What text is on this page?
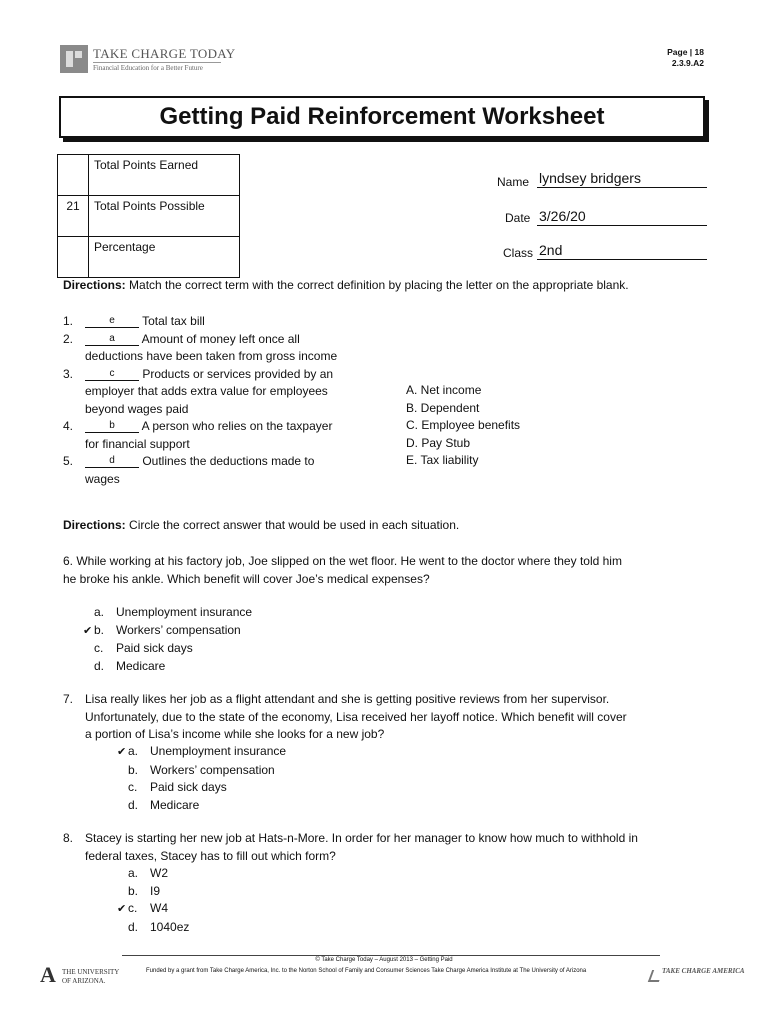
TAKE CHARGE TODAY
Financial Education for a Better Future
Page | 18
2.3.9.A2
Getting Paid Reinforcement Worksheet
	Total Points Earned
21	Total Points Possible
	Percentage
Name lyndsey bridgers
Date 3/26/20
Class 2nd
Directions: Match the correct term with the correct definition by placing the letter on the appropriate blank.
1.	e Total tax bill
2.	a Amount of money left once all
deductions have been taken from gross income
3.	c Products or services provided by an
employer that adds extra value for employees
beyond wages paid
4.	b A person who relies on the taxpayer
for financial support
5.	d Outlines the deductions made to
wages
A. Net income
B. Dependent
C. Employee benefits
D. Pay Stub
E. Tax liability
Directions: Circle the correct answer that would be used in each situation.
6. While working at his factory job, Joe slipped on the wet floor. He went to the doctor where they told him
he broke his ankle. Which benefit will cover Joe’s medical expenses?
a. Unemployment insurance
✔ b. Workers’ compensation
c. Paid sick days
d. Medicare
7. Lisa really likes her job as a flight attendant and she is getting positive reviews from her supervisor.
Unfortunately, due to the state of the economy, Lisa received her layoff notice. Which benefit will cover
a portion of Lisa’s income while she looks for a new job?
✔ a. Unemployment insurance
b. Workers’ compensation
c. Paid sick days
d. Medicare
8. Stacey is starting her new job at Hats-n-More. In order for her manager to know how much to withhold in
federal taxes, Stacey has to fill out which form?
a. W2
b. I9
✔ c. W4
d. 1040ez
© Take Charge Today – August 2013 – Getting Paid
A THE UNIVERSITY
OF ARIZONA.
Funded by a grant from Take Charge America, Inc. to the Norton School of Family and Consumer Sciences Take Charge America Institute at The University of Arizona	TAKE CHARGE AMERICA
